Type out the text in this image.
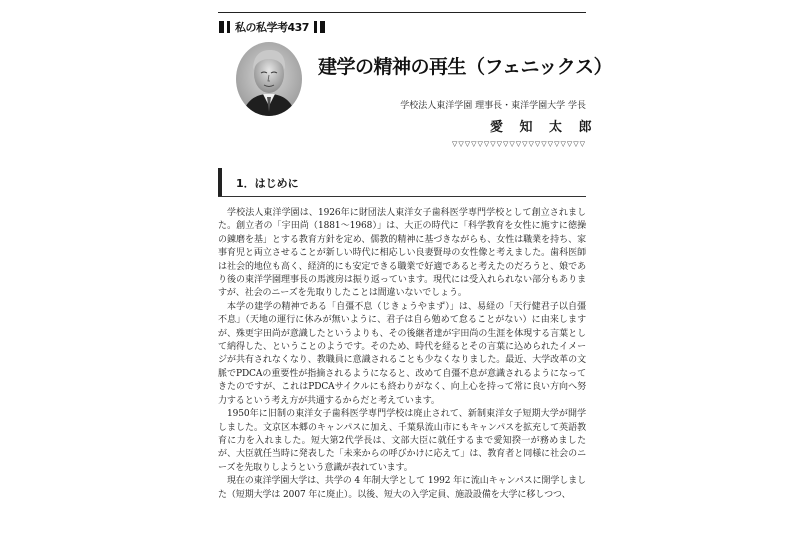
私の私学考437
建学の精神の再生（フェニックス）
学校法人東洋学園 理事長・東洋学園大学 学長
愛 知 太 郎
▽▽▽▽▽▽▽▽▽▽▽▽▽▽▽▽▽▽▽▽▽
1．はじめに

学校法人東洋学園は、1926年に財団法人東洋女子歯科医学専門学校として創立されました。創立者の「宇田尚（1881〜1968）」は、大正の時代に「科学教育を女性に施すに徳操の錬磨を基」とする教育方針を定め、儒教的精神に基づきながらも、女性は職業を持ち、家事育児と両立させることが新しい時代に相応しい良妻賢母の女性像と考えました。歯科医師は社会的地位も高く、経済的にも安定できる職業で好適であると考えたのだろうと、娘であり後の東洋学園理事長の馬渡房は振り返っています。現代には受入れられない部分もありますが、社会のニーズを先取りしたことは間違いないでしょう。

本学の建学の精神である「自彊不息（じきょうやまず）」は、易経の「天行健君子以自彊不息」（天地の運行に休みが無いように、君子は自ら勉めて怠ることがない）に由来しますが、殊更宇田尚が意識したというよりも、その後継者達が宇田尚の生涯を体現する言葉として納得した、ということのようです。そのため、時代を経るとその言葉に込められたイメージが共有されなくなり、教職員に意識されることも少なくなりました。最近、大学改革の文脈でPDCAの重要性が指摘されるようになると、改めて自彊不息が意識されるようになってきたのですが、これはPDCAサイクルにも終わりがなく、向上心を持って常に良い方向へ努力するという考え方が共通するからだと考えています。

1950年に旧制の東洋女子歯科医学専門学校は廃止されて、新制東洋女子短期大学が開学しました。文京区本郷のキャンパスに加え、千葉県流山市にもキャンパスを拡充して英語教育に力を入れました。短大第2代学長は、文部大臣に就任するまで愛知揆一が務めましたが、大臣就任当時に発表した「未来からの呼びかけに応えて」は、教育者と同様に社会のニーズを先取りしようという意識が表れています。

現在の東洋学園大学は、共学の 4 年制大学として 1992 年に流山キャンパスに開学しました（短期大学は 2007 年に廃止）。以後、短大の入学定員、施設設備を大学に移しつつ、
